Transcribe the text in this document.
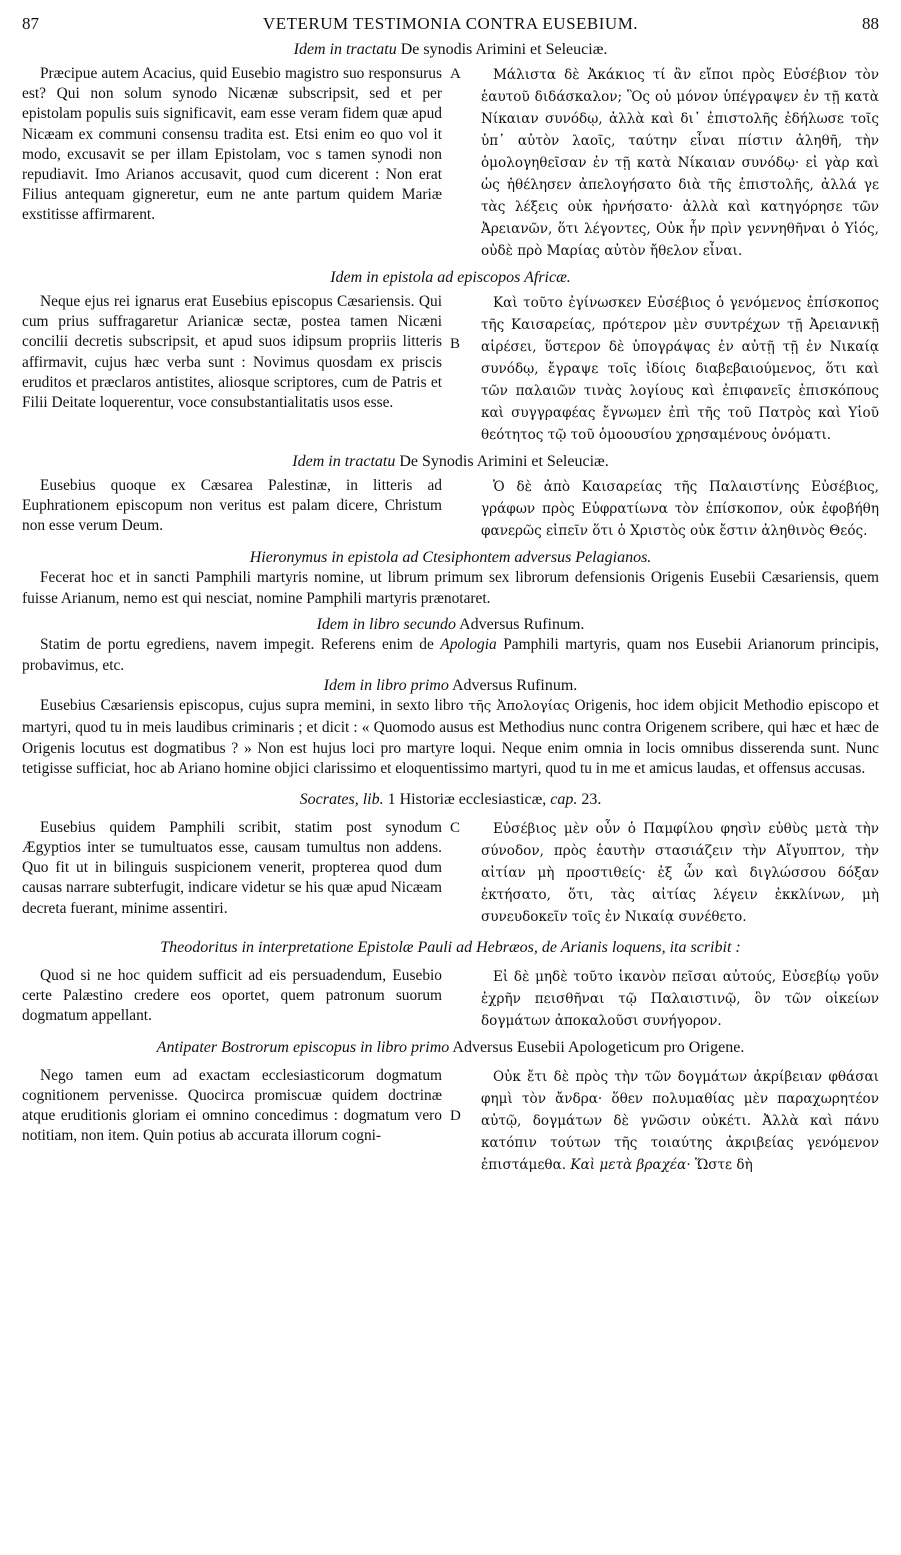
87	VETERUM TESTIMONIA CONTRA EUSEBIUM.	88
Idem in tractatu De synodis Arimini et Seleuciæ.

Præcipue autem Acacius, quid Eusebio magistro suo responsurus est? Qui non solum synodo Nicænæ subscripsit, sed et per epistolam populis suis significavit, eam esse veram fidem quæ apud Nicæam ex communi consensu tradita est. Etsi enim eo quo vol it modo, excusavit se per illam Epistolam, voc s tamen synodi non repudiavit. Imo Arianos accusavit, quod cum dicerent : Non erat Filius antequam gigneretur, eum ne ante partum quidem Mariæ exstitisse affirmarent.

A	Μάλιστα δὲ Ἀκάκιος τί ἂν εἴποι πρὸς Εὐσέβιον τὸν ἑαυτοῦ διδάσκαλον; Ὃς οὐ μόνον ὑπέγραψεν ἐν τῇ κατὰ Νίκαιαν συνόδῳ, ἀλλὰ καὶ δι᾽ ἐπιστολῆς ἐδήλωσε τοῖς ὑπ᾽ αὐτὸν λαοῖς, ταύτην εἶναι πίστιν ἀληθῆ, τὴν ὁμολογηθεῖσαν ἐν τῇ κατὰ Νίκαιαν συνόδῳ· εἰ γὰρ καὶ ὡς ἠθέλησεν ἀπελογήσατο διὰ τῆς ἐπιστολῆς, ἀλλά γε τὰς λέξεις οὐκ ἠρνήσατο· ἀλλὰ καὶ κατηγόρησε τῶν Ἀρειανῶν, ὅτι λέγοντες, Οὐκ ἦν πρὶν γεννηθῆναι ὁ Υἱός, οὐδὲ πρὸ Μαρίας αὐτὸν ἤθελον εἶναι.

Idem in epistola ad episcopos Africæ.

Neque ejus rei ignarus erat Eusebius episcopus Cæsariensis. Qui cum prius suffragaretur Arianicæ sectæ, postea tamen Nicæni concilii decretis subscripsit, et apud suos idipsum propriis litteris affirmavit, cujus hæc verba sunt : Novimus quosdam ex priscis eruditos et præclaros antistites, aliosque scriptores, cum de Patris et Filii Deitate loquerentur, voce consubstantialitatis usos esse.

B

Καὶ τοῦτο ἐγίνωσκεν Εὐσέβιος ὁ γενόμενος ἐπίσκοπος τῆς Καισαρείας, πρότερον μὲν συντρέχων τῇ Ἀρειανικῇ αἱρέσει, ὕστερον δὲ ὑπογράψας ἐν αὐτῇ τῇ ἐν Νικαίᾳ συνόδῳ, ἔγραψε τοῖς ἰδίοις διαβεβαιούμενος, ὅτι καὶ τῶν παλαιῶν τινὰς λογίους καὶ ἐπιφανεῖς ἐπισκόπους καὶ συγγραφέας ἔγνωμεν ἐπὶ τῆς τοῦ Πατρὸς καὶ Υἱοῦ θεότητος τῷ τοῦ ὁμοουσίου χρησαμένους ὀνόματι.

Idem in tractatu De Synodis Arimini et Seleuciæ.

Eusebius quoque ex Cæsarea Palestinæ, in litteris ad Euphrationem episcopum non veritus est palam dicere, Christum non esse verum Deum.

Ὁ δὲ ἀπὸ Καισαρείας τῆς Παλαιστίνης Εὐσέβιος, γράφων πρὸς Εὐφρατίωνα τὸν ἐπίσκοπον, οὐκ ἐφοβήθη φανερῶς εἰπεῖν ὅτι ὁ Χριστὸς οὐκ ἔστιν ἀληθινὸς Θεός.

Hieronymus in epistola ad Ctesiphontem adversus Pelagianos.

Fecerat hoc et in sancti Pamphili martyris nomine, ut librum primum sex librorum defensionis Origenis Eusebii Cæsariensis, quem fuisse Arianum, nemo est qui nesciat, nomine Pamphili martyris prænotaret.

Idem in libro secundo Adversus Rufinum.

Statim de portu egrediens, navem impegit. Referens enim de Apologia Pamphili martyris, quam nos Eusebii Arianorum principis, probavimus, etc.

Idem in libro primo Adversus Rufinum.

Eusebius Cæsariensis episcopus, cujus supra memini, in sexto libro τῆς Ἀπολογίας Origenis, hoc idem objicit Methodio episcopo et martyri, quod tu in meis laudibus criminaris ; et dicit : « Quomodo ausus est Methodius nunc contra Origenem scribere, qui hæc et hæc de Origenis locutus est dogmatibus ? » Non est hujus loci pro martyre loqui. Neque enim omnia in locis omnibus disserenda sunt. Nunc tetigisse sufficiat, hoc ab Ariano homine objici clarissimo et eloquentissimo martyri, quod tu in me et amicus laudas, et offensus accusas.

Socrates, lib. 1 Historiæ ecclesiasticæ, cap. 23.

Eusebius quidem Pamphili scribit, statim post synodum Ægyptios inter se tumultuatos esse, causam tumultus non addens. Quo fit ut in bilinguis suspicionem venerit, propterea quod dum causas narrare subterfugit, indicare videtur se his quæ apud Nicæam decreta fuerant, minime assentiri.

C	Εὐσέβιος μὲν οὖν ὁ Παμφίλου φησὶν εὐθὺς μετὰ τὴν σύνοδον, πρὸς ἑαυτὴν στασιάζειν τὴν Αἴγυπτον, τὴν αἰτίαν μὴ προστιθείς· ἐξ ὧν καὶ διγλώσσου δόξαν ἐκτήσατο, ὅτι, τὰς αἰτίας λέγειν ἐκκλίνων, μὴ συνευδοκεῖν τοῖς ἐν Νικαίᾳ συνέθετο.

Theodoritus in interpretatione Epistolæ Pauli ad Hebræos, de Arianis loquens, ita scribit :

Quod si ne hoc quidem sufficit ad eis persuadendum, Eusebio certe Palæstino credere eos oportet, quem patronum suorum dogmatum appellant.

Εἰ δὲ μηδὲ τοῦτο ἱκανὸν πεῖσαι αὐτούς, Εὐσεβίῳ γοῦν ἐχρῆν πεισθῆναι τῷ Παλαιστινῷ, ὃν τῶν οἰκείων δογμάτων ἀποκαλοῦσι συνήγορον.

Antipater Bostrorum episcopus in libro primo Adversus Eusebii Apologeticum pro Origene.

Nego tamen eum ad exactam ecclesiasticorum dogmatum cognitionem pervenisse. Quocirca promiscuæ quidem doctrinæ atque eruditionis gloriam ei omnino concedimus : dogmatum vero notitiam, non item. Quin potius ab accurata illorum cogni-

D

Οὐκ ἔτι δὲ πρὸς τὴν τῶν δογμάτων ἀκρίβειαν φθάσαι φημὶ τὸν ἄνδρα· ὅθεν πολυμαθίας μὲν παραχωρητέον αὐτῷ, δογμάτων δὲ γνῶσιν οὐκέτι. Ἀλλὰ καὶ πάνυ κατόπιν τούτων τῆς τοιαύτης ἀκριβείας γενόμενον ἐπιστάμεθα. Καὶ μετὰ βραχέα· Ὥστε δὴ
